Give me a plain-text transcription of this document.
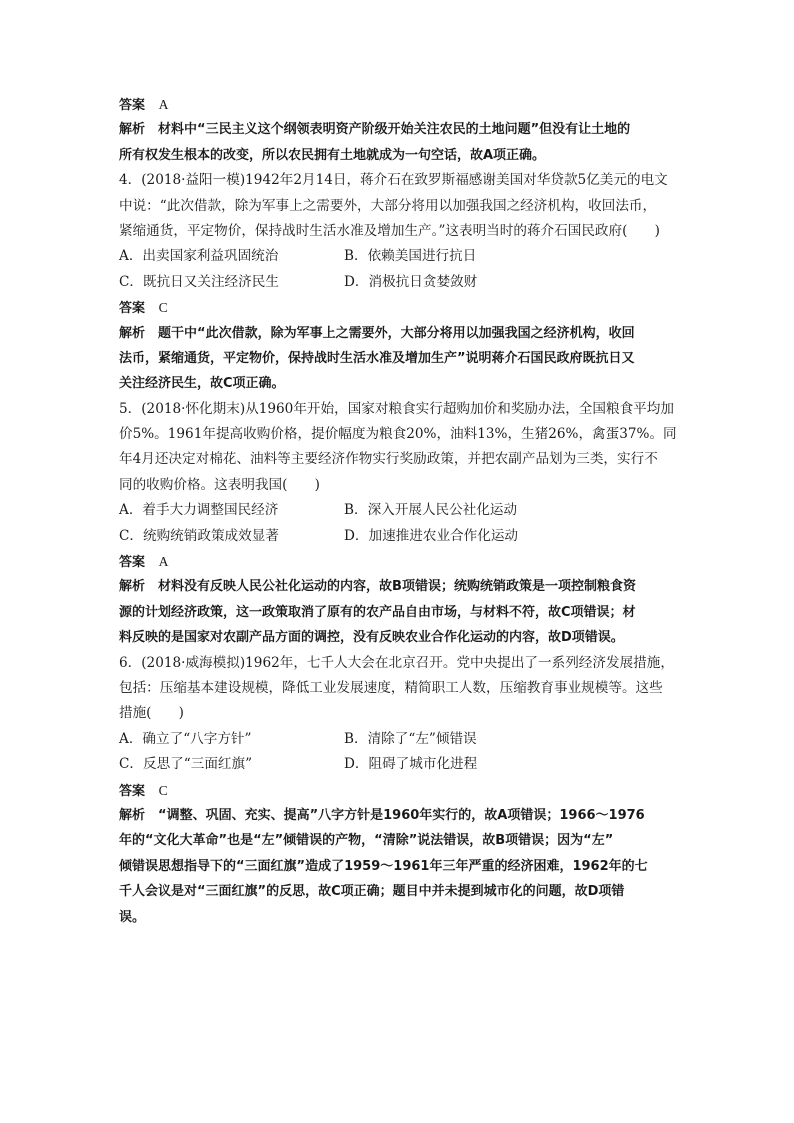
答案　 A
解析　 材料中“三民主义这个纲领表明资产阶级开始关注农民的土地问题”但没有让土地的
所有权发生根本的改变，所以农民拥有土地就成为一句空话，故A项正确。
4．(2018·益阳一模)1942年2月14日，蒋介石在致罗斯福感谢美国对华贷款5亿美元的电文
中说：“此次借款，除为军事上之需要外，大部分将用以加强我国之经济机构，收回法币，
紧缩通货，平定物价，保持战时生活水准及增加生产。”这表明当时的蒋介石国民政府(　　)
A．出卖国家利益巩固统治	B．依赖美国进行抗日
C．既抗日又关注经济民生	D．消极抗日贪婪敛财
答案　 C
解析　 题干中“此次借款，除为军事上之需要外，大部分将用以加强我国之经济机构，收回
法币，紧缩通货，平定物价，保持战时生活水准及增加生产”说明蒋介石国民政府既抗日又
关注经济民生，故C项正确。
5．(2018·怀化期末)从1960年开始，国家对粮食实行超购加价和奖励办法，全国粮食平均加
价5%。1961年提高收购价格，提价幅度为粮食20%，油料13%，生猪26%，禽蛋37%。同
年4月还决定对棉花、油料等主要经济作物实行奖励政策，并把农副产品划为三类，实行不
同的收购价格。这表明我国(　　)
A．着手大力调整国民经济	B．深入开展人民公社化运动
C．统购统销政策成效显著	D．加速推进农业合作化运动
答案　 A
解析　 材料没有反映人民公社化运动的内容，故B项错误；统购统销政策是一项控制粮食资
源的计划经济政策，这一政策取消了原有的农产品自由市场，与材料不符，故C项错误；材
料反映的是国家对农副产品方面的调控，没有反映农业合作化运动的内容，故D项错误。
6．(2018·威海模拟)1962年，七千人大会在北京召开。党中央提出了一系列经济发展措施，
包括：压缩基本建设规模，降低工业发展速度，精简职工人数，压缩教育事业规模等。这些
措施(　　)
A．确立了“八字方针”	B．清除了“左”倾错误
C．反思了“三面红旗”	D．阻碍了城市化进程
答案　 C
解析　 “调整、巩固、充实、提高”八字方针是1960年实行的，故A项错误；1966～1976
年的“文化大革命”也是“左”倾错误的产物，“清除”说法错误，故B项错误；因为“左”
倾错误思想指导下的“三面红旗”造成了1959～1961年三年严重的经济困难，1962年的七
千人会议是对“三面红旗”的反思，故C项正确；题目中并未提到城市化的问题，故D项错
误。
